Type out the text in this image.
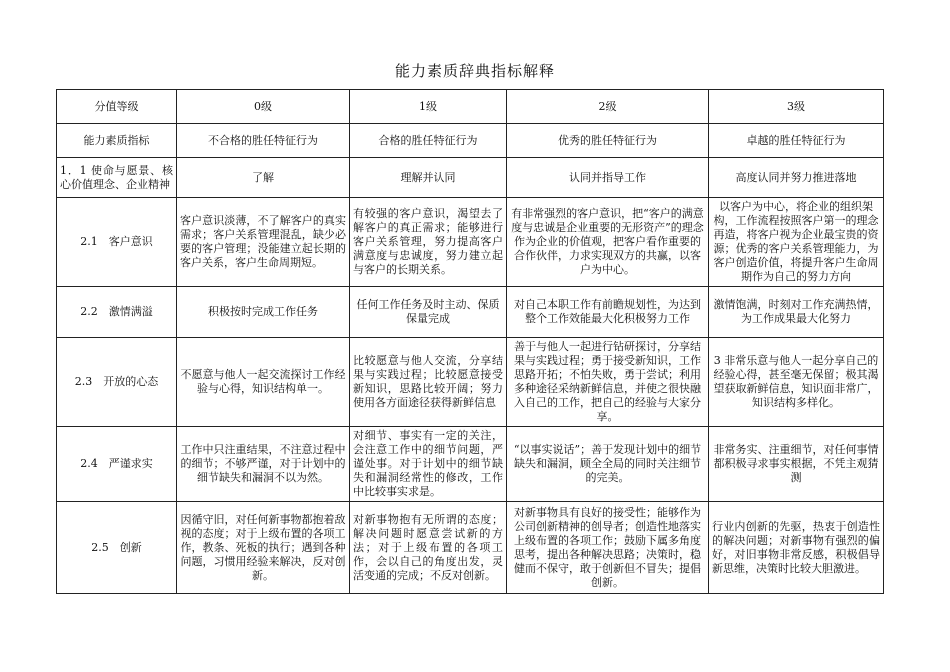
能力素质辞典指标解释
分值等级	0级	1级	2级	3级
能力素质指标	不合格的胜任特征行为	合格的胜任特征行为	优秀的胜任特征行为	卓越的胜任特征行为
1．1 使命与愿景、核心价值理念、企业精神	了解	理解并认同	认同并指导工作	高度认同并努力推进落地
2.1　客户意识	客户意识淡薄，不了解客户的真实需求；客户关系管理混乱，缺少必要的客户管理；没能建立起长期的客户关系，客户生命周期短。	有较强的客户意识，渴望去了解客户的真正需求；能够进行客户关系管理，努力提高客户满意度与忠诚度，努力建立起与客户的长期关系。	有非常强烈的客户意识，把“客户的满意度与忠诚是企业重要的无形资产”的理念作为企业的价值观，把客户看作重要的合作伙伴，力求实现双方的共赢，以客户为中心。	以客户为中心，将企业的组织架构，工作流程按照客户第一的理念再造，将客户视为企业最宝贵的资源；优秀的客户关系管理能力，为客户创造价值，将提升客户生命周期作为自己的努力方向
2.2　激情满溢	积极按时完成工作任务	任何工作任务及时主动、保质保量完成	对自己本职工作有前瞻规划性，为达到整个工作效能最大化积极努力工作	激情饱满，时刻对工作充满热情，为工作成果最大化努力
2.3　开放的心态	不愿意与他人一起交流探讨工作经验与心得，知识结构单一。	比较愿意与他人交流，分享结果与实践过程；比较愿意接受新知识，思路比较开阔；努力使用各方面途径获得新鲜信息	善于与他人一起进行钻研探讨，分享结果与实践过程；勇于接受新知识，工作思路开拓；不怕失败，勇于尝试；利用多种途径采纳新鲜信息，并使之很快融入自己的工作，把自己的经验与大家分享。	3 非常乐意与他人一起分享自己的经验心得，甚至毫无保留；极其渴望获取新鲜信息，知识面非常广，知识结构多样化。
2.4　严谨求实	工作中只注重结果，不注意过程中的细节；不够严谨，对于计划中的细节缺失和漏洞不以为然。	对细节、事实有一定的关注，会注意工作中的细节问题，严谨处事。对于计划中的细节缺失和漏洞经常性的修改，工作中比较事实求是。	“以事实说话”；善于发现计划中的细节缺失和漏洞，顾全全局的同时关注细节的完美。	非常务实、注重细节，对任何事情都积极寻求事实根据，不凭主观猜测
2.5　创新	因循守旧，对任何新事物都抱着敌视的态度；对于上级布置的各项工作，教条、死板的执行；遇到各种问题，习惯用经验来解决，反对创新。	对新事物抱有无所谓的态度；解决问题时愿意尝试新的方法；对于上级布置的各项工作，会以自己的角度出发，灵活变通的完成；不反对创新。	对新事物具有良好的接受性；能够作为公司创新精神的创导者；创造性地落实上级布置的各项工作；鼓励下属多角度思考，提出各种解决思路；决策时，稳健而不保守，敢于创新但不冒失；提倡创新。	行业内创新的先驱，热衷于创造性的解决问题；对新事物有强烈的偏好，对旧事物非常反感，积极倡导新思维，决策时比较大胆激进。
